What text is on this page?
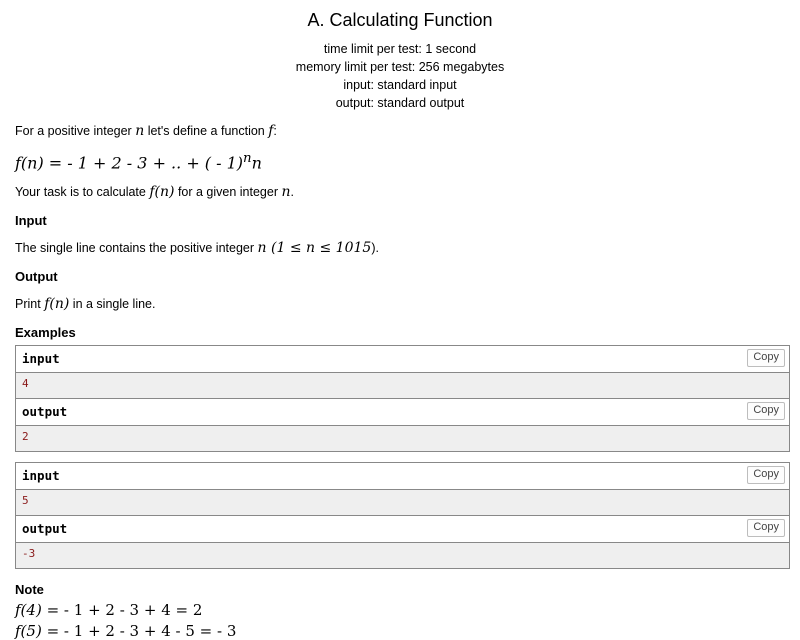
A. Calculating Function
time limit per test: 1 second
memory limit per test: 256 megabytes
input: standard input
output: standard output
For a positive integer n let's define a function f:
f(n) = - 1 + 2 - 3 + .. + ( - 1)$^n$n
Your task is to calculate f(n) for a given integer n.
Input
The single line contains the positive integer n (1 ≤ n ≤ 1015).
Output
Print f(n) in a single line.
Examples
input	Copy
4
output	Copy
2
input	Copy
5
output	Copy
-3
Note
f(4) = - 1 + 2 - 3 + 4 = 2
f(5) = - 1 + 2 - 3 + 4 - 5 = - 3
